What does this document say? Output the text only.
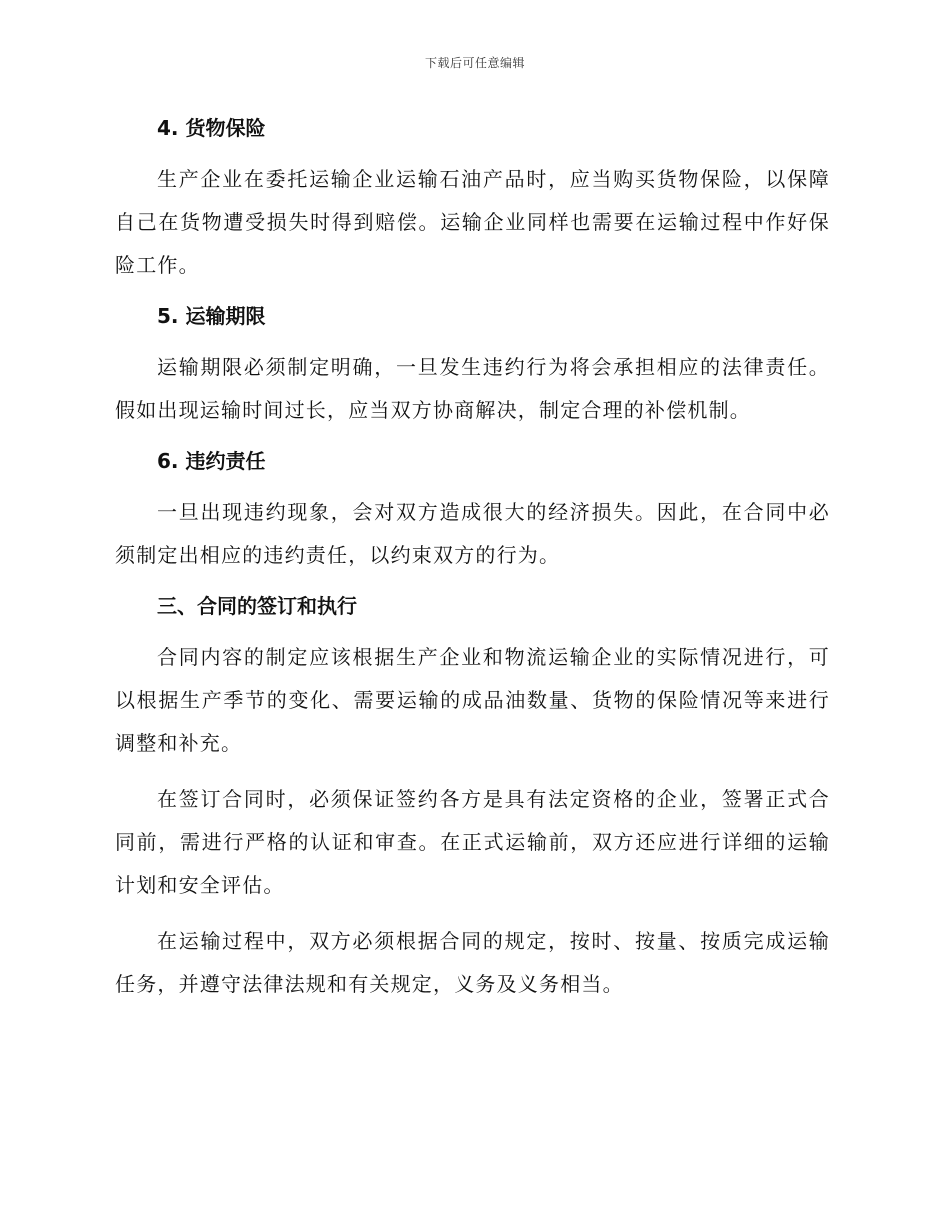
下载后可任意编辑
4. 货物保险

生产企业在委托运输企业运输石油产品时，应当购买货物保险，以保障自己在货物遭受损失时得到赔偿。运输企业同样也需要在运输过程中作好保险工作。

5. 运输期限

运输期限必须制定明确，一旦发生违约行为将会承担相应的法律责任。假如出现运输时间过长，应当双方协商解决，制定合理的补偿机制。

6. 违约责任

一旦出现违约现象，会对双方造成很大的经济损失。因此，在合同中必须制定出相应的违约责任，以约束双方的行为。

三、合同的签订和执行

合同内容的制定应该根据生产企业和物流运输企业的实际情况进行，可以根据生产季节的变化、需要运输的成品油数量、货物的保险情况等来进行调整和补充。

在签订合同时，必须保证签约各方是具有法定资格的企业，签署正式合同前，需进行严格的认证和审查。在正式运输前，双方还应进行详细的运输计划和安全评估。

在运输过程中，双方必须根据合同的规定，按时、按量、按质完成运输任务，并遵守法律法规和有关规定，义务及义务相当。
